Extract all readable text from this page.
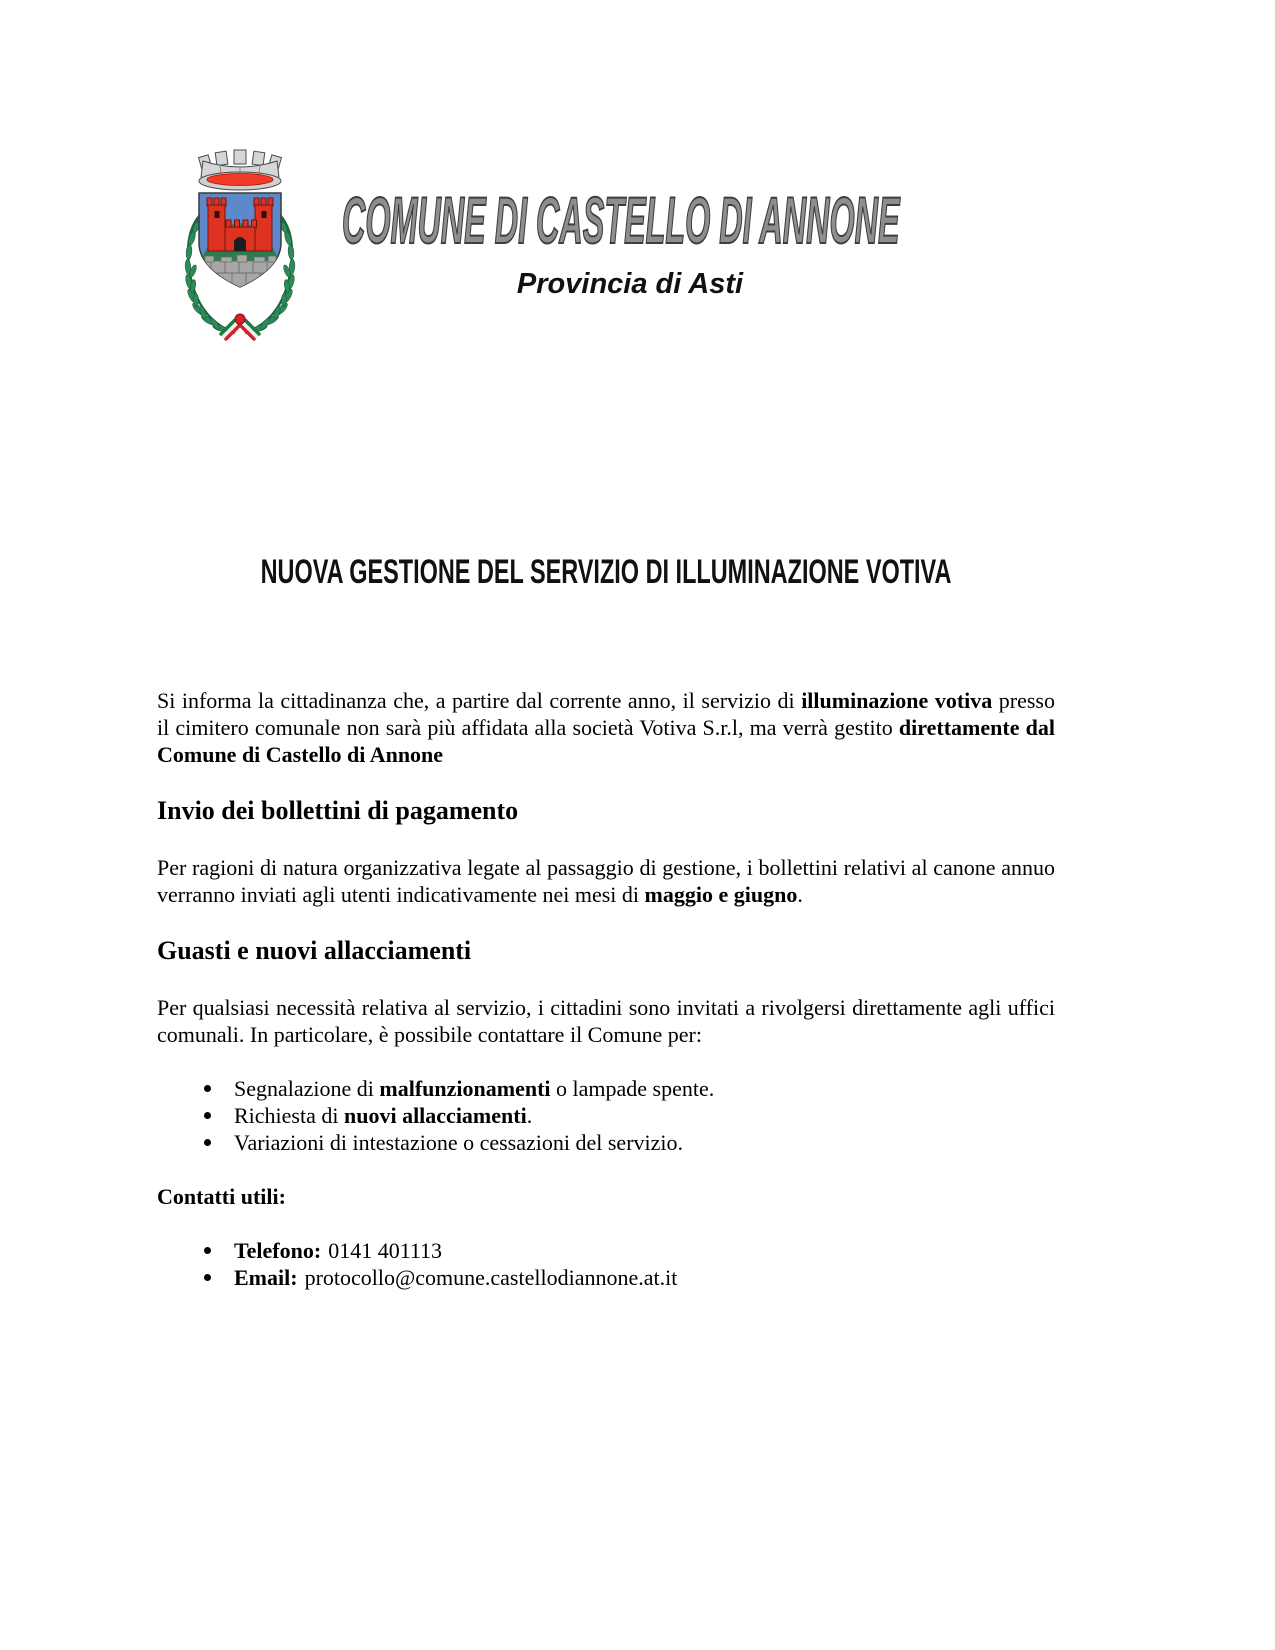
COMUNE DI CASTELLO DI ANNONE
Provincia di Asti
NUOVA GESTIONE DEL SERVIZIO DI ILLUMINAZIONE VOTIVA

Si informa la cittadinanza che, a partire dal corrente anno, il servizio di illuminazione votiva presso il cimitero comunale non sarà più affidata alla società Votiva S.r.l, ma verrà gestito direttamente dal Comune di Castello di Annone

Invio dei bollettini di pagamento

Per ragioni di natura organizzativa legate al passaggio di gestione, i bollettini relativi al canone annuo verranno inviati agli utenti indicativamente nei mesi di maggio e giugno.

Guasti e nuovi allacciamenti

Per qualsiasi necessità relativa al servizio, i cittadini sono invitati a rivolgersi direttamente agli uffici comunali. In particolare, è possibile contattare il Comune per:

Segnalazione di malfunzionamenti o lampade spente.
Richiesta di nuovi allacciamenti.
Variazioni di intestazione o cessazioni del servizio.

Contatti utili:

Telefono: 0141 401113
Email: protocollo@comune.castellodiannone.at.it
